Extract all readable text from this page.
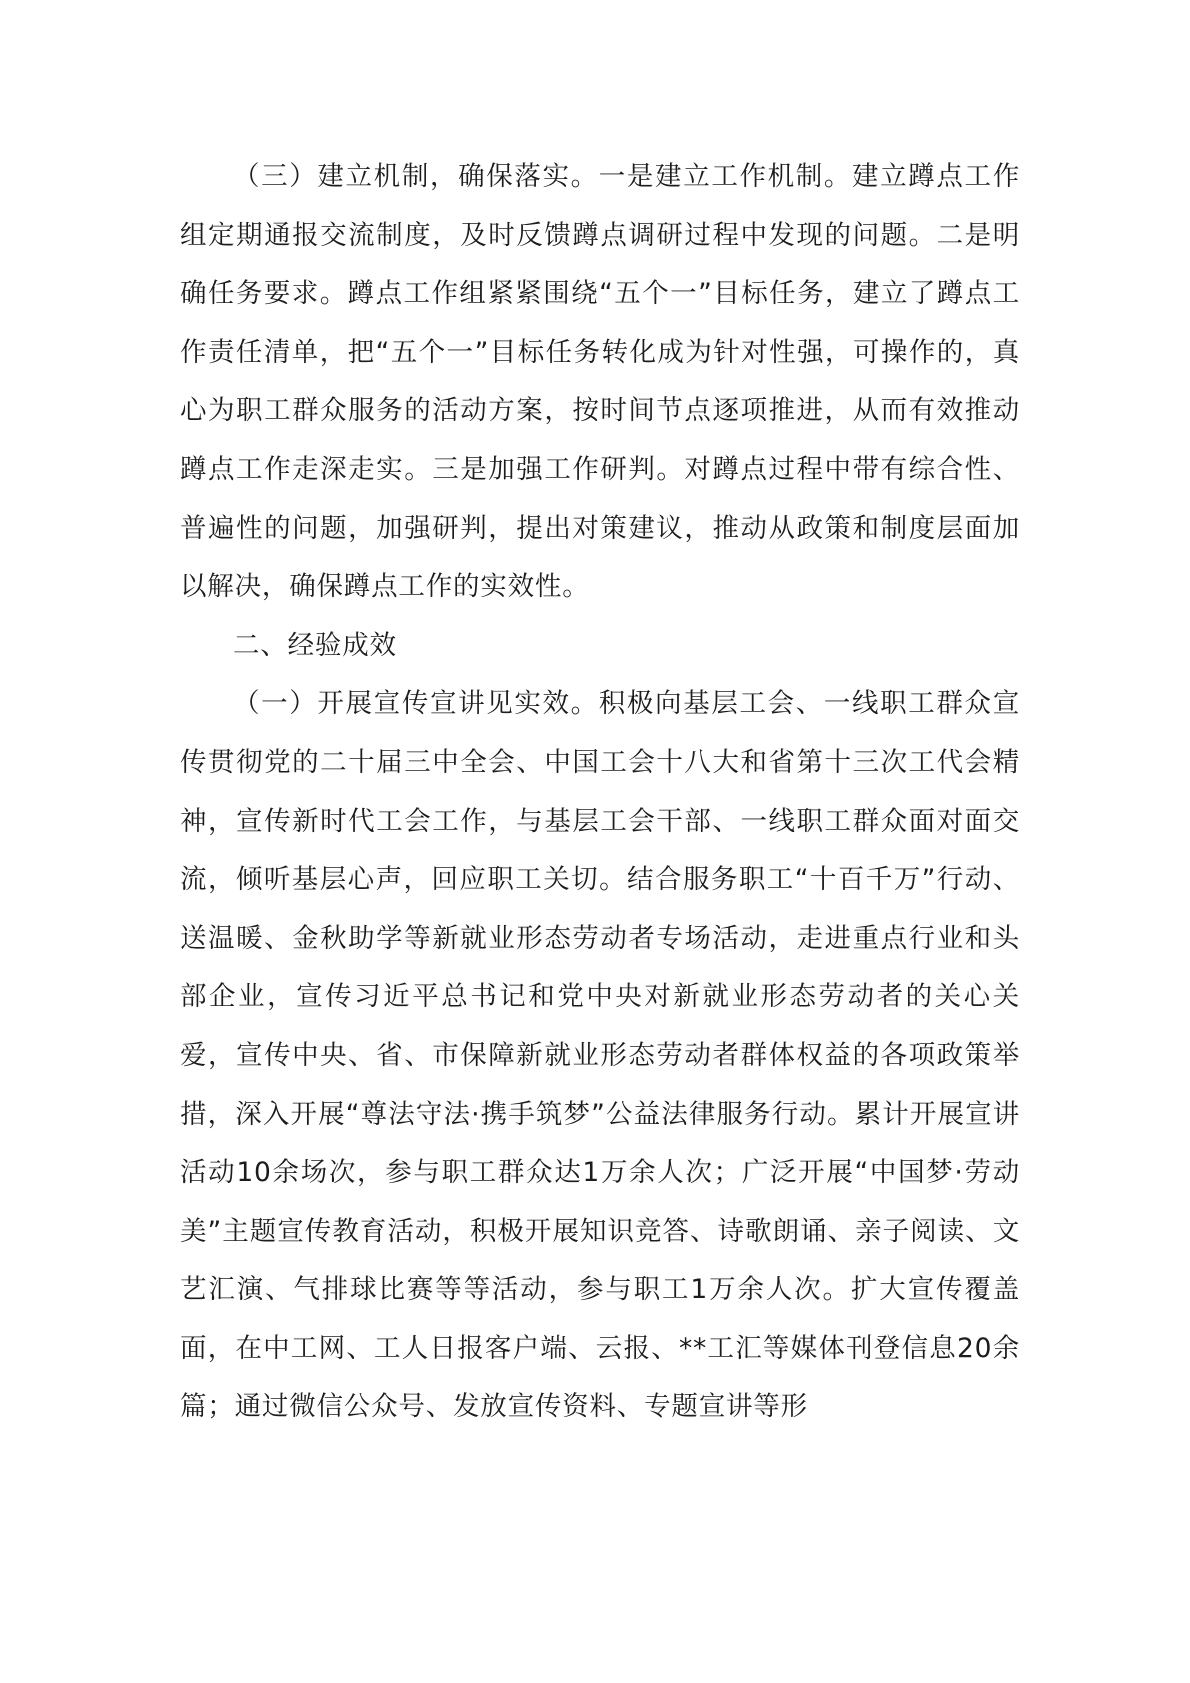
（三）建立机制，确保落实。一是建立工作机制。建立蹲点工作组定期通报交流制度，及时反馈蹲点调研过程中发现的问题。二是明确任务要求。蹲点工作组紧紧围绕“五个一”目标任务，建立了蹲点工作责任清单，把“五个一”目标任务转化成为针对性强，可操作的，真心为职工群众服务的活动方案，按时间节点逐项推进，从而有效推动蹲点工作走深走实。三是加强工作研判。对蹲点过程中带有综合性、普遍性的问题，加强研判，提出对策建议，推动从政策和制度层面加以解决，确保蹲点工作的实效性。

二、经验成效

（一）开展宣传宣讲见实效。积极向基层工会、一线职工群众宣传贯彻党的二十届三中全会、中国工会十八大和省第十三次工代会精神，宣传新时代工会工作，与基层工会干部、一线职工群众面对面交流，倾听基层心声，回应职工关切。结合服务职工“十百千万”行动、送温暖、金秋助学等新就业形态劳动者专场活动，走进重点行业和头部企业，宣传习近平总书记和党中央对新就业形态劳动者的关心关爱，宣传中央、省、市保障新就业形态劳动者群体权益的各项政策举措，深入开展“尊法守法·携手筑梦”公益法律服务行动。累计开展宣讲活动10余场次，参与职工群众达1万余人次；广泛开展“中国梦·劳动美”主题宣传教育活动，积极开展知识竞答、诗歌朗诵、亲子阅读、文艺汇演、气排球比赛等等活动，参与职工1万余人次。扩大宣传覆盖面，在中工网、工人日报客户端、云报、**工汇等媒体刊登信息20余篇；通过微信公众号、发放宣传资料、专题宣讲等形
